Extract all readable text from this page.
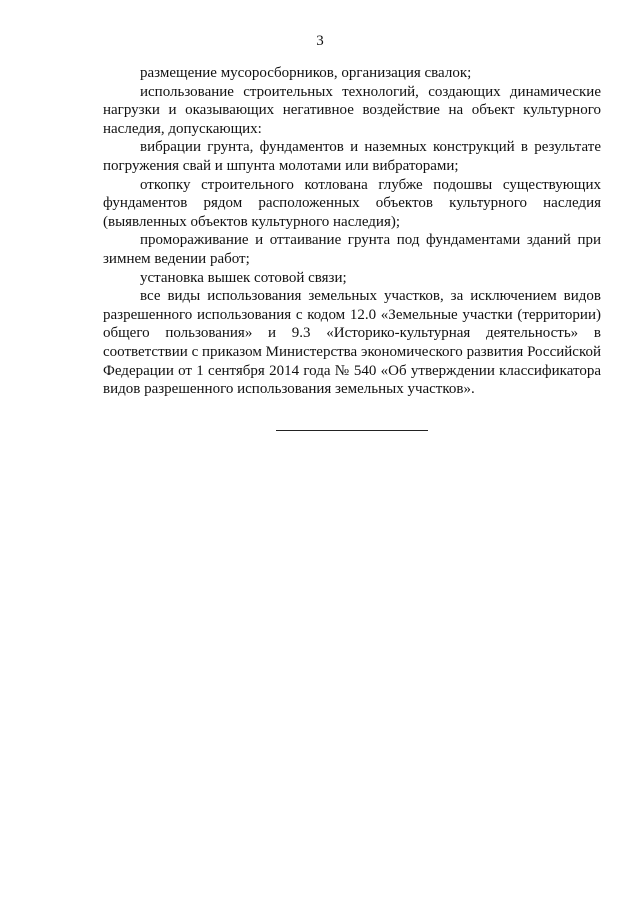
3

размещение мусоросборников, организация свалок;

использование строительных технологий, создающих динамические нагрузки и оказывающих негативное воздействие на объект культурного наследия, допускающих:

вибрации грунта, фундаментов и наземных конструкций в результате погружения свай и шпунта молотами или вибраторами;

откопку строительного котлована глубже подошвы существующих фундаментов рядом расположенных объектов культурного наследия (выявленных объектов культурного наследия);

промораживание и оттаивание грунта под фундаментами зданий при зимнем ведении работ;

установка вышек сотовой связи;

все виды использования земельных участков, за исключением видов разрешенного использования с кодом 12.0 «Земельные участки (территории) общего пользования» и 9.3 «Историко-культурная деятельность» в соответствии с приказом Министерства экономического развития Российской Федерации от 1 сентября 2014 года № 540 «Об утверждении классификатора видов разрешенного использования земельных участков».
